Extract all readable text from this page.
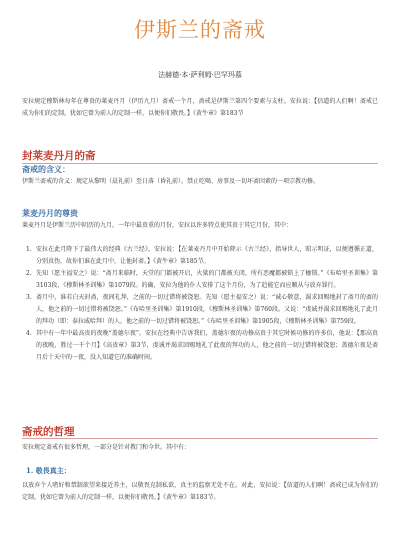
伊斯兰的斋戒
法赫德·本·萨利姆·巴罕玛慕

安拉规定穆斯林每年在尊贵的莱麦丹月（伊历九月）斋戒一个月，斋戒是伊斯兰第四个要素与支柱。安拉说：【信道的人们啊！斋戒已成为你们的定制，犹如它曾为前人的定制一样，以便你们敬畏。】《黄牛章》第183节

封莱麦丹月的斋
斋戒的含义：

伊斯兰斋戒的含义：规定从黎明（晨礼前）至日落（昏礼前），禁止吃喝、房事及一切坏斋因素的一项宗教功修。

莱麦丹月的尊贵

莱麦丹月是伊斯兰历中阴历的九月，一年中最贵重的月份，安拉以许多特点使其贵于其它月份，其中：

1. 安拉在此月降下了最伟大的经典《古兰经》，安拉说：【在莱麦丹月中开始降示《古兰经》，指导世人，昭示明证，以便遵循正道，分别真伪，故你们谁在此月中，让他封斋。】《黄牛章》第185节。
2. 先知（愿主福安之）说：“斋月来临时，天堂的门都被开启，火狱的门都被关闭，所有恶魔都被锁上了枷锁。”《布哈里圣训集》第3103段，《穆斯林圣训集》第1079段。的确，安拉为他的仆人安排了这个月份，为了趋能它而应顺从与放弃罪行。
3. 斋月中，谁若白天封斋，夜间礼拜，之前的一切过错将被饶恕。先知（愿主福安之）说：“诚心敬意，渴求回赐地封了斋月的斋的人，他之前的一切过错将被饶恕。”《布哈里圣训集》第1910段，《穆斯林圣训集》第760段。又说：“虔诚并渴求回赐地礼了此月的拜功（即：泰拉威哈拜）的人，他之前的一切过错将被饶恕。”《布哈里圣训集》第1905段，《穆斯林圣训集》第759段。
4. 其中有一年中最高贵的夜晚“盖德尔夜”。安拉在经典中告诉我们，盖德尔夜的功修高贵于其它时候功修的许多倍，他说：【那高贵的夜晚，胜过一千个月】《高贵章》第3节，虔诚并渴求回赐地礼了此夜的拜功的人，他之前的一切过错将被饶恕；盖德尔夜是斋月后十天中的一夜，没人知道它的准确时间。
斋戒的哲理

安拉规定斋戒有很多哲理，一部分是针对教门和今世。其中有：

1. 敬畏真主：

以放弃个人嗜好和禁制欲望来接近养主，以敬畏克制私欲，真主的监察无处不在。对此，安拉说：【信道的人们啊！斋戒已成为你们的定制，犹如它曾为前人的定制一样，以便你们敬畏。】《黄牛章》第183节。
